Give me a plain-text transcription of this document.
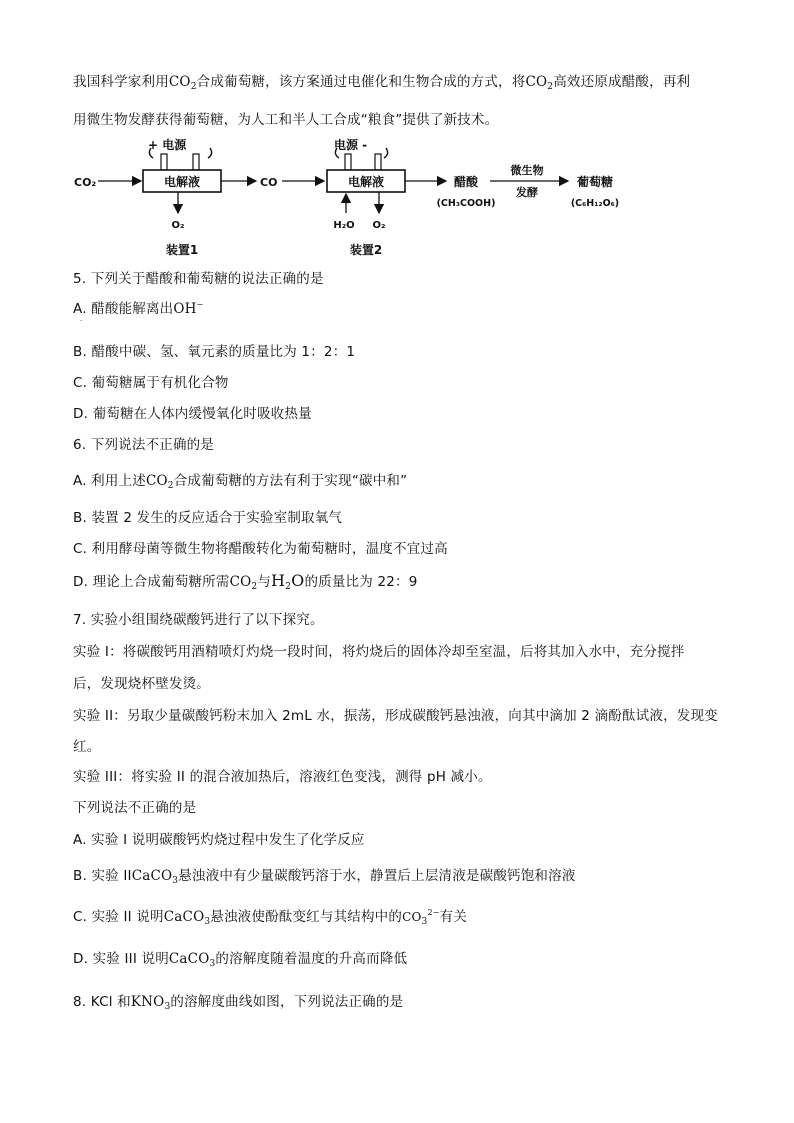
我国科学家利用$CO_2$合成葡萄糖，该方案通过电催化和生物合成的方式，将$CO_2$高效还原成醋酸，再利
用微生物发酵获得葡萄糖，为人工和半人工合成“粮食”提供了新技术。
+ 电源
电解液
CO₂
O₂
装置1
CO
电源 -
电解液
H₂O O₂
装置2
醋酸
(CH₃COOH)
微生物
发酵
葡萄糖
(C₆H₁₂O₆)
5. 下列关于醋酸和葡萄糖的说法正确的是
A. 醋酸能解离出OH−
·
B. 醋酸中碳、氢、氧元素的质量比为 1：2：1
C. 葡萄糖属于有机化合物
D. 葡萄糖在人体内缓慢氧化时吸收热量
6. 下列说法不正确的是
A. 利用上述$CO_2$合成葡萄糖的方法有利于实现“碳中和”
B. 装置 2 发生的反应适合于实验室制取氧气
C. 利用酵母菌等微生物将醋酸转化为葡萄糖时，温度不宜过高
D. 理论上合成葡萄糖所需$CO_2$与$H_2O$的质量比为 22：9
7. 实验小组围绕碳酸钙进行了以下探究。
实验 I：将碳酸钙用酒精喷灯灼烧一段时间，将灼烧后的固体冷却至室温，后将其加入水中，充分搅拌
后，发现烧杯壁发烫。
实验 II：另取少量碳酸钙粉末加入 2mL 水，振荡，形成碳酸钙悬浊液，向其中滴加 2 滴酚酞试液，发现变
红。
实验 III：将实验 II 的混合液加热后，溶液红色变浅，测得 pH 减小。
下列说法不正确的是
A. 实验 I 说明碳酸钙灼烧过程中发生了化学反应
B. 实验 IICaCO$_3$悬浊液中有少量碳酸钙溶于水，静置后上层清液是碳酸钙饱和溶液
C. 实验 II 说明CaCO$_3$悬浊液使酚酞变红与其结构中的$CO_3^{2-}$有关
D. 实验 III 说明CaCO$_3$的溶解度随着温度的升高而降低
8. KCl 和$KNO_3$的溶解度曲线如图，下列说法正确的是
